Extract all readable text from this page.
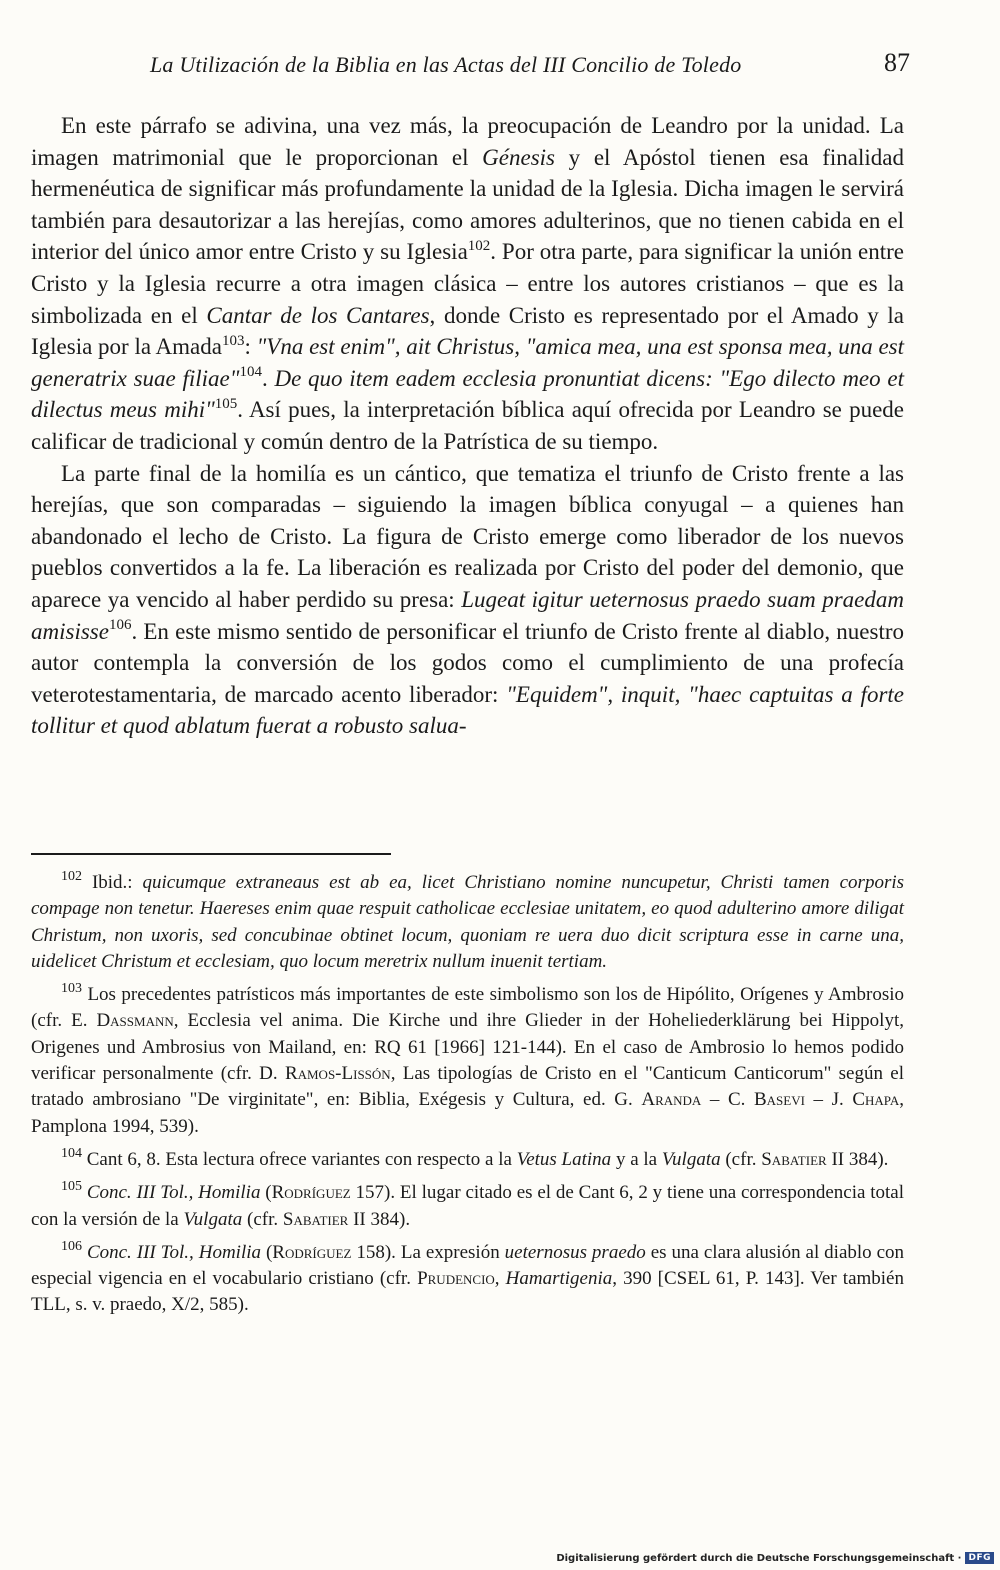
La Utilización de la Biblia en las Actas del III Concilio de Toledo	87

En este párrafo se adivina, una vez más, la preocupación de Leandro por la unidad. La imagen matrimonial que le proporcionan el Génesis y el Apóstol tienen esa finalidad hermenéutica de significar más profundamente la unidad de la Iglesia. Dicha imagen le servirá también para desautorizar a las herejías, como amores adulterinos, que no tienen cabida en el interior del único amor entre Cristo y su Iglesia$^{102}$. Por otra parte, para significar la unión entre Cristo y la Iglesia recurre a otra imagen clásica – entre los autores cristianos – que es la simbolizada en el Cantar de los Cantares, donde Cristo es representado por el Amado y la Iglesia por la Amada$^{103}$: "Vna est enim", ait Christus, "amica mea, una est sponsa mea, una est generatrix suae filiae"$^{104}$. De quo item eadem ecclesia pronuntiat dicens: "Ego dilecto meo et dilectus meus mihi"$^{105}$. Así pues, la interpretación bíblica aquí ofrecida por Leandro se puede calificar de tradicional y común dentro de la Patrística de su tiempo.

La parte final de la homilía es un cántico, que tematiza el triunfo de Cristo frente a las herejías, que son comparadas – siguiendo la imagen bíblica conyugal – a quienes han abandonado el lecho de Cristo. La figura de Cristo emerge como liberador de los nuevos pueblos convertidos a la fe. La liberación es realizada por Cristo del poder del demonio, que aparece ya vencido al haber perdido su presa: Lugeat igitur ueternosus praedo suam praedam amisisse$^{106}$. En este mismo sentido de personificar el triunfo de Cristo frente al diablo, nuestro autor contempla la conversión de los godos como el cumplimiento de una profecía veterotestamentaria, de marcado acento liberador: "Equidem", inquit, "haec captuitas a forte tollitur et quod ablatum fuerat a robusto salua-

$^{102}$ Ibid.: quicumque extraneaus est ab ea, licet Christiano nomine nuncupetur, Christi tamen corporis compage non tenetur. Haereses enim quae respuit catholicae ecclesiae unitatem, eo quod adulterino amore diligat Christum, non uxoris, sed concubinae obtinet locum, quoniam re uera duo dicit scriptura esse in carne una, uidelicet Christum et ecclesiam, quo locum meretrix nullum inuenit tertiam.

$^{103}$ Los precedentes patrísticos más importantes de este simbolismo son los de Hipólito, Orígenes y Ambrosio (cfr. E. Dassmann, Ecclesia vel anima. Die Kirche und ihre Glieder in der Hoheliederklärung bei Hippolyt, Origenes und Ambrosius von Mailand, en: RQ 61 [1966] 121-144). En el caso de Ambrosio lo hemos podido verificar personalmente (cfr. D. Ramos-Lissón, Las tipologías de Cristo en el "Canticum Canticorum" según el tratado ambrosiano "De virginitate", en: Biblia, Exégesis y Cultura, ed. G. Aranda – C. Basevi – J. Chapa, Pamplona 1994, 539).

$^{104}$ Cant 6, 8. Esta lectura ofrece variantes con respecto a la Vetus Latina y a la Vulgata (cfr. Sabatier II 384).

$^{105}$ Conc. III Tol., Homilia (Rodríguez 157). El lugar citado es el de Cant 6, 2 y tiene una correspondencia total con la versión de la Vulgata (cfr. Sabatier II 384).

$^{106}$ Conc. III Tol., Homilia (Rodríguez 158). La expresión ueternosus praedo es una clara alusión al diablo con especial vigencia en el vocabulario cristiano (cfr. Prudencio, Hamartigenia, 390 [CSEL 61, P. 143]. Ver también TLL, s. v. praedo, X/2, 585).

Digitalisierung gefördert durch die Deutsche Forschungsgemeinschaft · DFG
